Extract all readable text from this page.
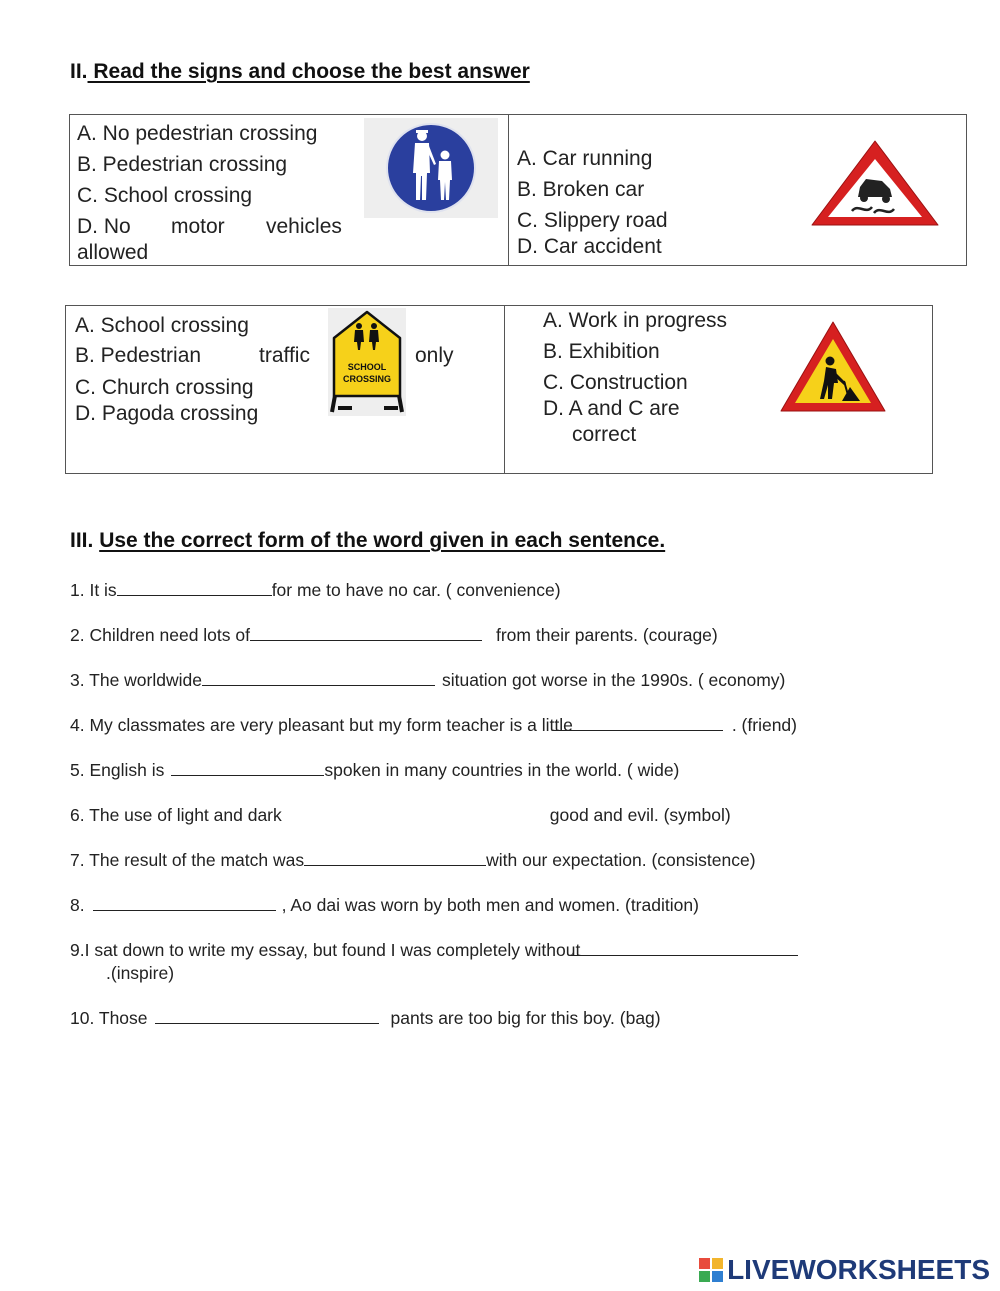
II. Read the signs and choose the best answer
A. No pedestrian crossing
B. Pedestrian crossing
C. School crossing
D. No motor vehicles
allowed
A. Car running
B. Broken car
C. Slippery road
D. Car accident
A. School crossing
B. Pedestrian	traffic	only
C. Church crossing
D. Pagoda crossing
SCHOOL
CROSSING
A. Work in progress
B. Exhibition
C. Construction
D. A and C are
correct
III. Use the correct form of the word given in each sentence.
1. It is	for me to have no car. ( convenience)
2. Children need lots of	from their parents. (courage)
3. The worldwide	situation got worse in the 1990s. ( economy)
4. My classmates are very pleasant but my form teacher is a little	. (friend)
5. English is	spoken in many countries in the world. ( wide)
6. The use of light and dark	good and evil. (symbol)
7. The result of the match was	with our expectation. (consistence)
8.	, Ao dai was worn by both men and women. (tradition)
9.I sat down to write my essay, but found I was completely without
.(inspire)
10. Those	pants are too big for this boy. (bag)
LIVEWORKSHEETS
